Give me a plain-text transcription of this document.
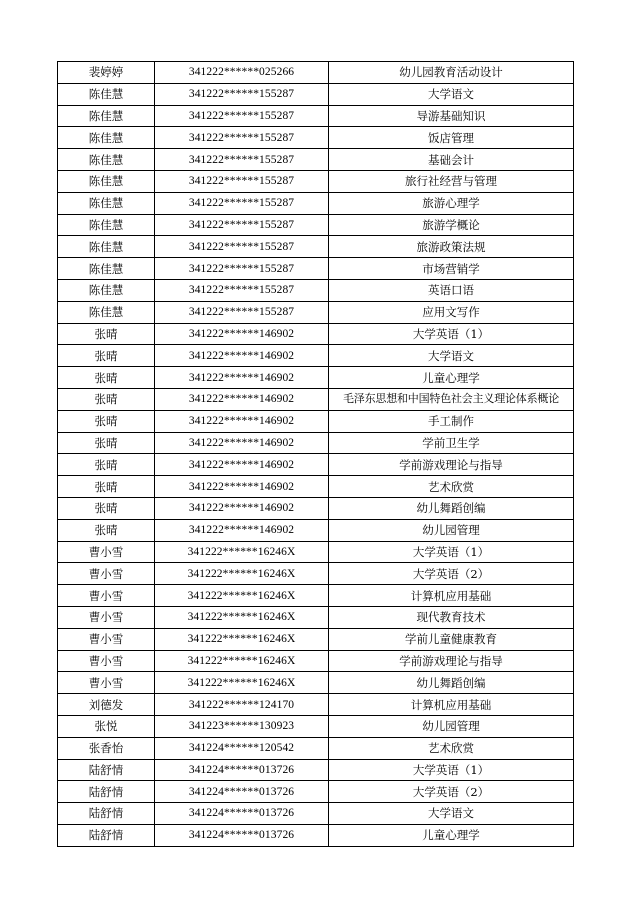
裴婷婷	341222******025266	幼儿园教育活动设计
陈佳慧	341222******155287	大学语文
陈佳慧	341222******155287	导游基础知识
陈佳慧	341222******155287	饭店管理
陈佳慧	341222******155287	基础会计
陈佳慧	341222******155287	旅行社经营与管理
陈佳慧	341222******155287	旅游心理学
陈佳慧	341222******155287	旅游学概论
陈佳慧	341222******155287	旅游政策法规
陈佳慧	341222******155287	市场营销学
陈佳慧	341222******155287	英语口语
陈佳慧	341222******155287	应用文写作
张晴	341222******146902	大学英语（1）
张晴	341222******146902	大学语文
张晴	341222******146902	儿童心理学
张晴	341222******146902	毛泽东思想和中国特色社会主义理论体系概论
张晴	341222******146902	手工制作
张晴	341222******146902	学前卫生学
张晴	341222******146902	学前游戏理论与指导
张晴	341222******146902	艺术欣赏
张晴	341222******146902	幼儿舞蹈创编
张晴	341222******146902	幼儿园管理
曹小雪	341222******16246X	大学英语（1）
曹小雪	341222******16246X	大学英语（2）
曹小雪	341222******16246X	计算机应用基础
曹小雪	341222******16246X	现代教育技术
曹小雪	341222******16246X	学前儿童健康教育
曹小雪	341222******16246X	学前游戏理论与指导
曹小雪	341222******16246X	幼儿舞蹈创编
刘德发	341222******124170	计算机应用基础
张悦	341223******130923	幼儿园管理
张香怡	341224******120542	艺术欣赏
陆舒情	341224******013726	大学英语（1）
陆舒情	341224******013726	大学英语（2）
陆舒情	341224******013726	大学语文
陆舒情	341224******013726	儿童心理学
